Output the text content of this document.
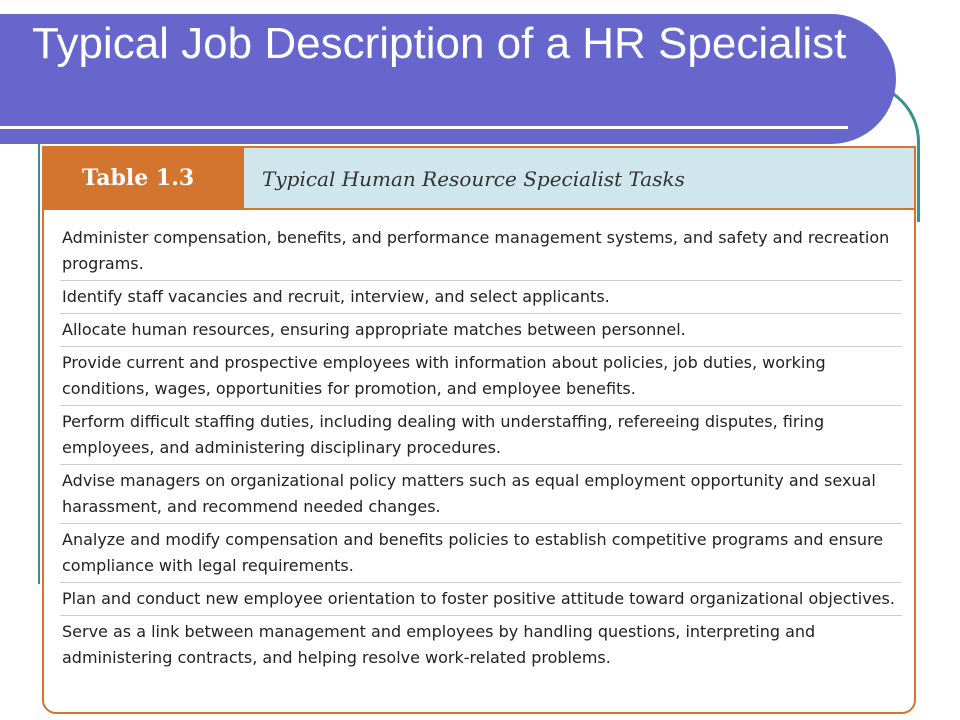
Typical Job Description of a HR Specialist
Table 1.3	Typical Human Resource Specialist Tasks
Administer compensation, benefits, and performance management systems, and safety and recreation programs.
Identify staff vacancies and recruit, interview, and select applicants.
Allocate human resources, ensuring appropriate matches between personnel.
Provide current and prospective employees with information about policies, job duties, working conditions, wages, opportunities for promotion, and employee benefits.
Perform difficult staffing duties, including dealing with understaffing, refereeing disputes, firing employees, and administering disciplinary procedures.
Advise managers on organizational policy matters such as equal employment opportunity and sexual harassment, and recommend needed changes.
Analyze and modify compensation and benefits policies to establish competitive programs and ensure compliance with legal requirements.
Plan and conduct new employee orientation to foster positive attitude toward organizational objectives.
Serve as a link between management and employees by handling questions, interpreting and administering contracts, and helping resolve work-related problems.
